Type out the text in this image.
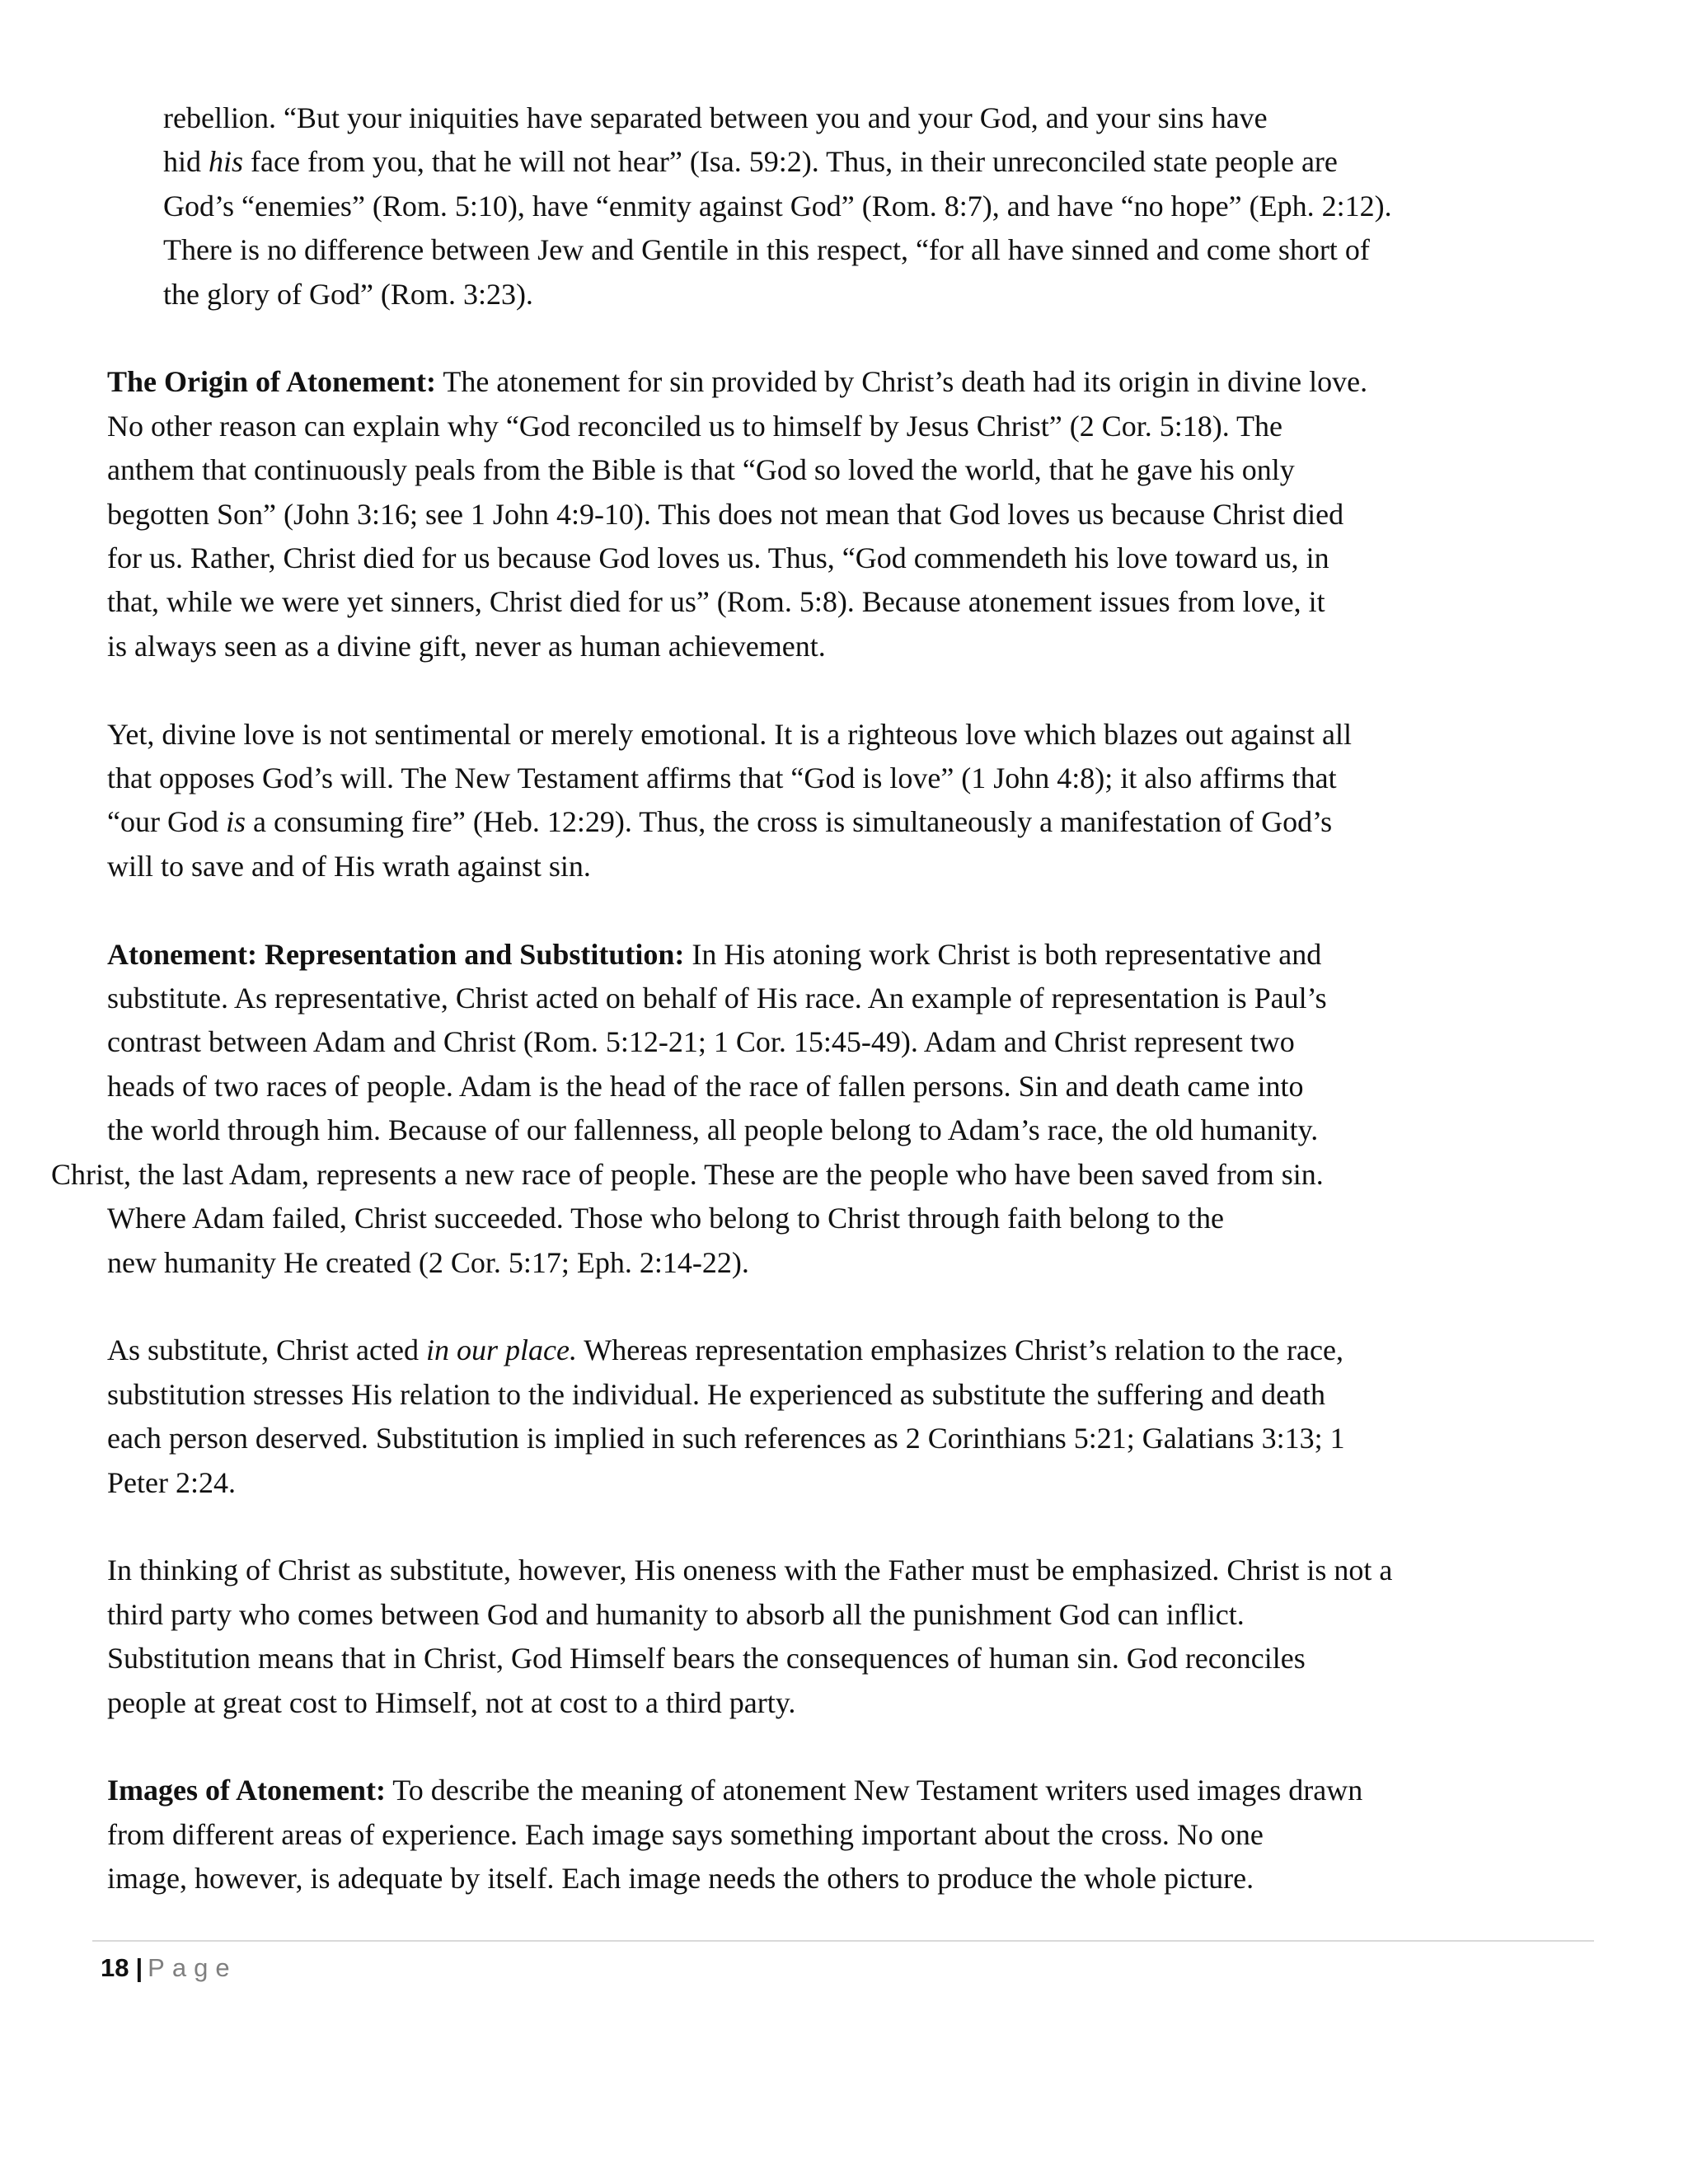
rebellion. “But your iniquities have separated between you and your God, and your sins have
hid his face from you, that he will not hear” (Isa. 59:2). Thus, in their unreconciled state people are
God’s “enemies” (Rom. 5:10), have “enmity against God” (Rom. 8:7), and have “no hope” (Eph. 2:12).
There is no difference between Jew and Gentile in this respect, “for all have sinned and come short of
the glory of God” (Rom. 3:23).
The Origin of Atonement: The atonement for sin provided by Christ’s death had its origin in divine love.
No other reason can explain why “God reconciled us to himself by Jesus Christ” (2 Cor. 5:18). The
anthem that continuously peals from the Bible is that “God so loved the world, that he gave his only
begotten Son” (John 3:16; see 1 John 4:9-10). This does not mean that God loves us because Christ died
for us. Rather, Christ died for us because God loves us. Thus, “God commendeth his love toward us, in
that, while we were yet sinners, Christ died for us” (Rom. 5:8). Because atonement issues from love, it
is always seen as a divine gift, never as human achievement.
Yet, divine love is not sentimental or merely emotional. It is a righteous love which blazes out against all
that opposes God’s will. The New Testament affirms that “God is love” (1 John 4:8); it also affirms that
“our God is a consuming fire” (Heb. 12:29). Thus, the cross is simultaneously a manifestation of God’s
will to save and of His wrath against sin.
Atonement: Representation and Substitution: In His atoning work Christ is both representative and
substitute. As representative, Christ acted on behalf of His race. An example of representation is Paul’s
contrast between Adam and Christ (Rom. 5:12-21; 1 Cor. 15:45-49). Adam and Christ represent two
heads of two races of people. Adam is the head of the race of fallen persons. Sin and death came into
the world through him. Because of our fallenness, all people belong to Adam’s race, the old humanity.
Christ, the last Adam, represents a new race of people. These are the people who have been saved from sin.
Where Adam failed, Christ succeeded. Those who belong to Christ through faith belong to the
new humanity He created (2 Cor. 5:17; Eph. 2:14-22).
As substitute, Christ acted in our place. Whereas representation emphasizes Christ’s relation to the race,
substitution stresses His relation to the individual. He experienced as substitute the suffering and death
each person deserved. Substitution is implied in such references as 2 Corinthians 5:21; Galatians 3:13; 1
Peter 2:24.
In thinking of Christ as substitute, however, His oneness with the Father must be emphasized. Christ is not a
third party who comes between God and humanity to absorb all the punishment God can inflict.
Substitution means that in Christ, God Himself bears the consequences of human sin. God reconciles
people at great cost to Himself, not at cost to a third party.
Images of Atonement: To describe the meaning of atonement New Testament writers used images drawn
from different areas of experience. Each image says something important about the cross. No one
image, however, is adequate by itself. Each image needs the others to produce the whole picture.
18 | Page
